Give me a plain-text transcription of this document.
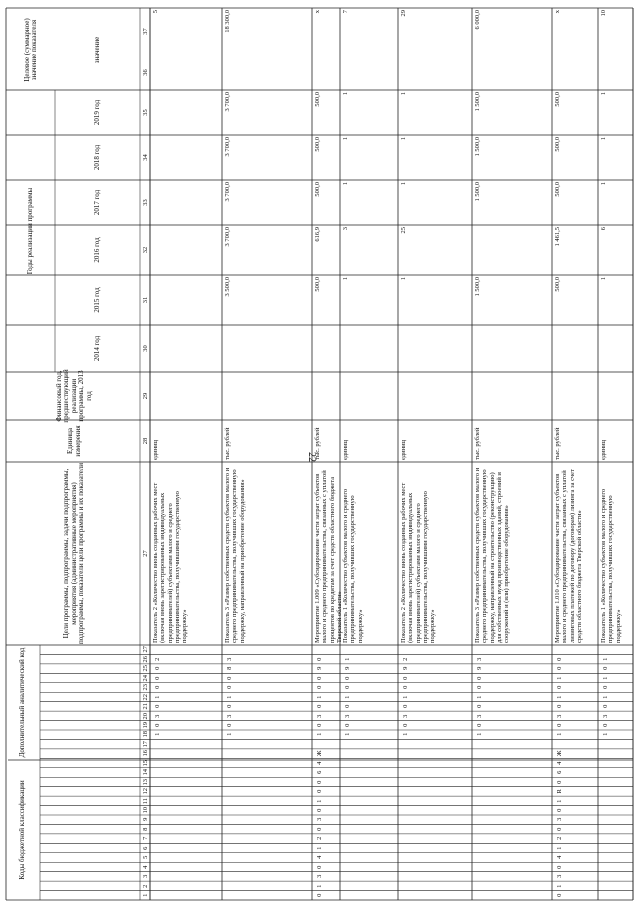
22
Целевое (суммарное) значение показателя	значение
Годы реализации программы
2019 год
2018 год
2017 год
2016 год
2015 год
2014 год
Финансовый год, предшествующий реализации программы, 2013 год
Единица измерения
Цели программы, подпрограммы, задачи подпрограммы, мероприятия (административные мероприятия) подпрограммы, показатели цели программы и их показатели
Коды бюджетной классификации
Дополнительный аналитический код
1
2
3
4
5
6
7
8
9
10
11
12
13
14
15
16
17
18
19
20
21
22
23
24
25
26
27
27
28
29
30
31
32
33
34
35
36
37
Показатель 2 «Количество вновь созданных рабочих мест (включая вновь зарегистрированных индивидуальных предпринимателей) субъектами малого и среднего предпринимательства, получившими государственную поддержку»
единиц
5
1
0
3
0
1
0
0
0
2
Показатель 3 «Размер собственных средств субъектов малого и среднего предпринимательства, получивших государственную поддержку, направленный на приобретение оборудования»
тыс. рублей
3 500,0
3 700,0
3 700,0
3 700,0
3 700,0
18 300,0
1
0
3
0
1
0
0
8
3
Мероприятие 1.009 «Субсидирование части затрат субъектов малого и среднего предпринимательства, связанных с уплатой процентов по кредитам за счет средств областного бюджета Тверской области»
тыс. рублей
500,0
616,9
500,0
500,0
500,0
х
1
0
3
0
1
0
0
9
0
0
1
3
0
4
1
2
0
3
0
1
0
0
6
4
Ж
Показатель 1 «Количество субъектов малого и среднего предпринимательства, получивших государственную поддержку»
единиц
1
3
1
1
1
7
1
0
3
0
1
0
0
9
1
Показатель 2 «Количество вновь созданных рабочих мест (включая вновь зарегистрированных индивидуальных предпринимателей) субъектами малого и среднего предпринимательства, получившими государственную поддержку»
единиц
1
25
1
1
1
29
1
0
3
0
1
0
0
9
2
Показатель 3 «Размер собственных средств субъектов малого и среднего предпринимательства, получивших государственную поддержку, направленный на строительство (реконструкцию) для собственных нужд производственных зданий, строений и сооружений и (или) приобретение оборудования»
тыс. рублей
1 500,0
1 500,0
1 500,0
1 500,0
6 000,0
1
0
3
0
1
0
0
9
3
Мероприятие 1.010 «Субсидирование части затрат субъектов малого и среднего предпринимательства, связанных с уплатой лизинговых платежей по договору (договорам) лизинга за счет средств областного бюджета Тверской области»
тыс. рублей
500,0
1 461,5
500,0
500,0
500,0
х
1
0
3
0
1
0
1
0
0
0
1
3
0
4
1
2
0
3
0
1
R
0
6
4
Ж
Показатель 1 «Количество субъектов малого и среднего предпринимательства, получивших государственную поддержку»
единиц
1
6
1
1
1
10
1
0
3
0
1
0
1
0
1
